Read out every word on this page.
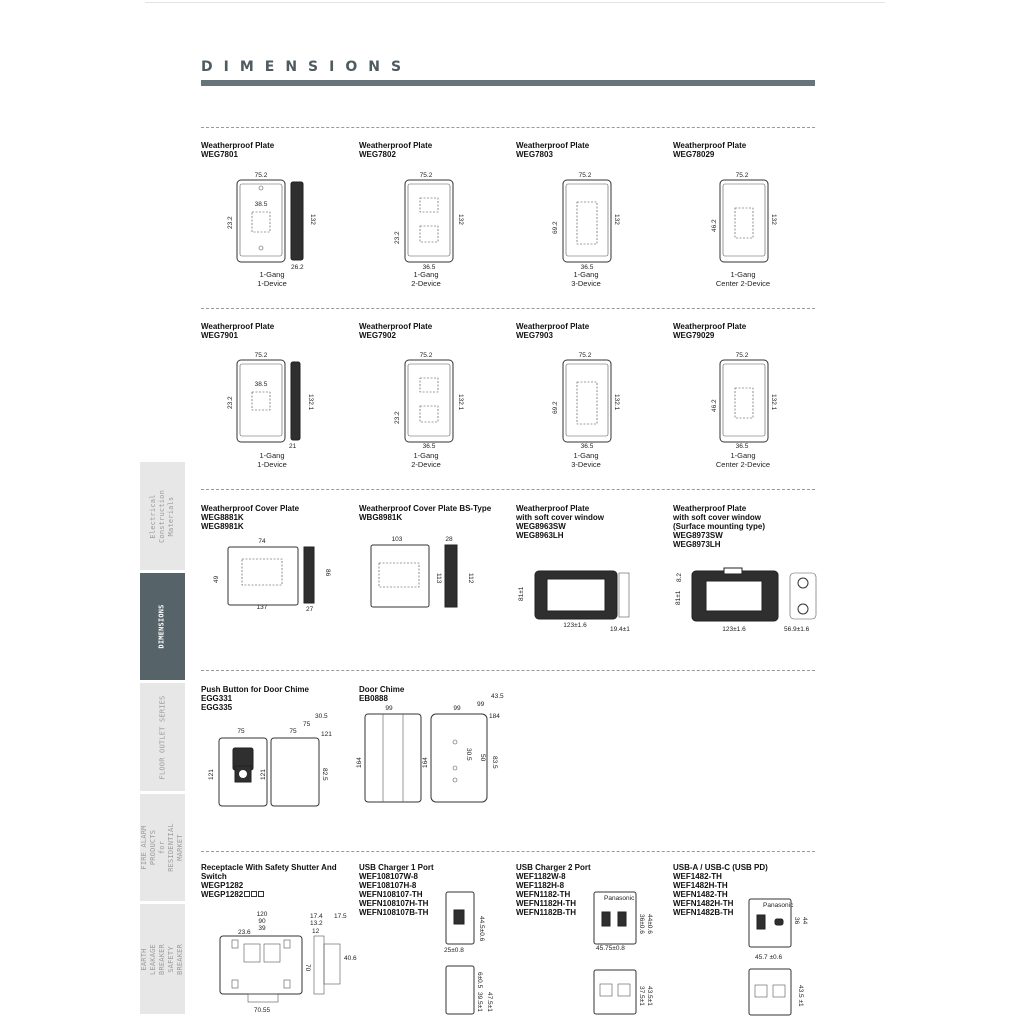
DIMENSIONS
Electrical Construction Materials
DIMENSIONS
FLOOR OUTLET SERIES
FIRE ALARM PRODUCTS for RESIDENTIAL MARKET
EARTH LEAKAGE BREAKER SAFETY BREAKER
Weatherproof Plate
WEG7801
75.2
38.5
23.2	132
26.2
1-Gang
1-Device
Weatherproof Plate
WEG7802
75.2
23.2
132
36.5
1-Gang
2-Device
Weatherproof Plate
WEG7803
75.2
69.2
132
36.5
1-Gang
3-Device
Weatherproof Plate
WEG78029
75.2
46.2	132
1-Gang
Center 2-Device
Weatherproof Plate
WEG7901
75.2
38.5
23.2	132.1
21
1-Gang
1-Device
Weatherproof Plate
WEG7902
75.2
23.2
132.1
36.5
1-Gang
2-Device
Weatherproof Plate
WEG7903
75.2
69.2	132.1
36.5
1-Gang
3-Device
Weatherproof Plate
WEG79029
75.2
46.2	132.1
36.5
1-Gang
Center 2-Device
Weatherproof Cover Plate
WEG8881K
WEG8981K
74
49
86
137	27
Weatherproof Cover Plate BS-Type
WBG8981K
103	28
113	112
Weatherproof Plate
with soft cover window
WEG8963SW
WEG8963LH
81±1
123±1.6
19.4±1
Weatherproof Plate
with soft cover window
(Surface mounting type)
WEG8973SW
WEG8973LH
8.2
81±1
123±1.6	56.9±1.6
Push Button for Door Chime
EGG331
EGG335
75
121
30.5
75
75	121
121	82.5
Door Chime
EB0888
99
164
99
43.5
99
184
164
30.5 50 83.5
Receptacle With Safety Shutter And
Switch
WEGP1282
WEGP1282
120
90
39
23.6
17.4
13.2
12
17.5
70
40.6
70.55
USB Charger 1 Port
WEF108107W-8
WEF108107H-8
WEFN108107-TH
WEFN108107H-TH
WEFN108107B-TH
44.5±0.6
25±0.8
6±0.5
39.5±1 47.5±1
USB Charger 2 Port
WEF1182W-8
WEF1182H-8
WEFN1182-TH
WEFN1182H-TH
WEFN1182B-TH
Panasonic
36±0.6 44±0.6
45.75±0.8
37.5±1 43.5±1
USB-A / USB-C (USB PD)
WEF1482-TH
WEF1482H-TH
WEFN1482-TH
WEFN1482H-TH
WEFN1482B-TH
Panasonic
36 44
45.7 ±0.6
43.5 ±1
